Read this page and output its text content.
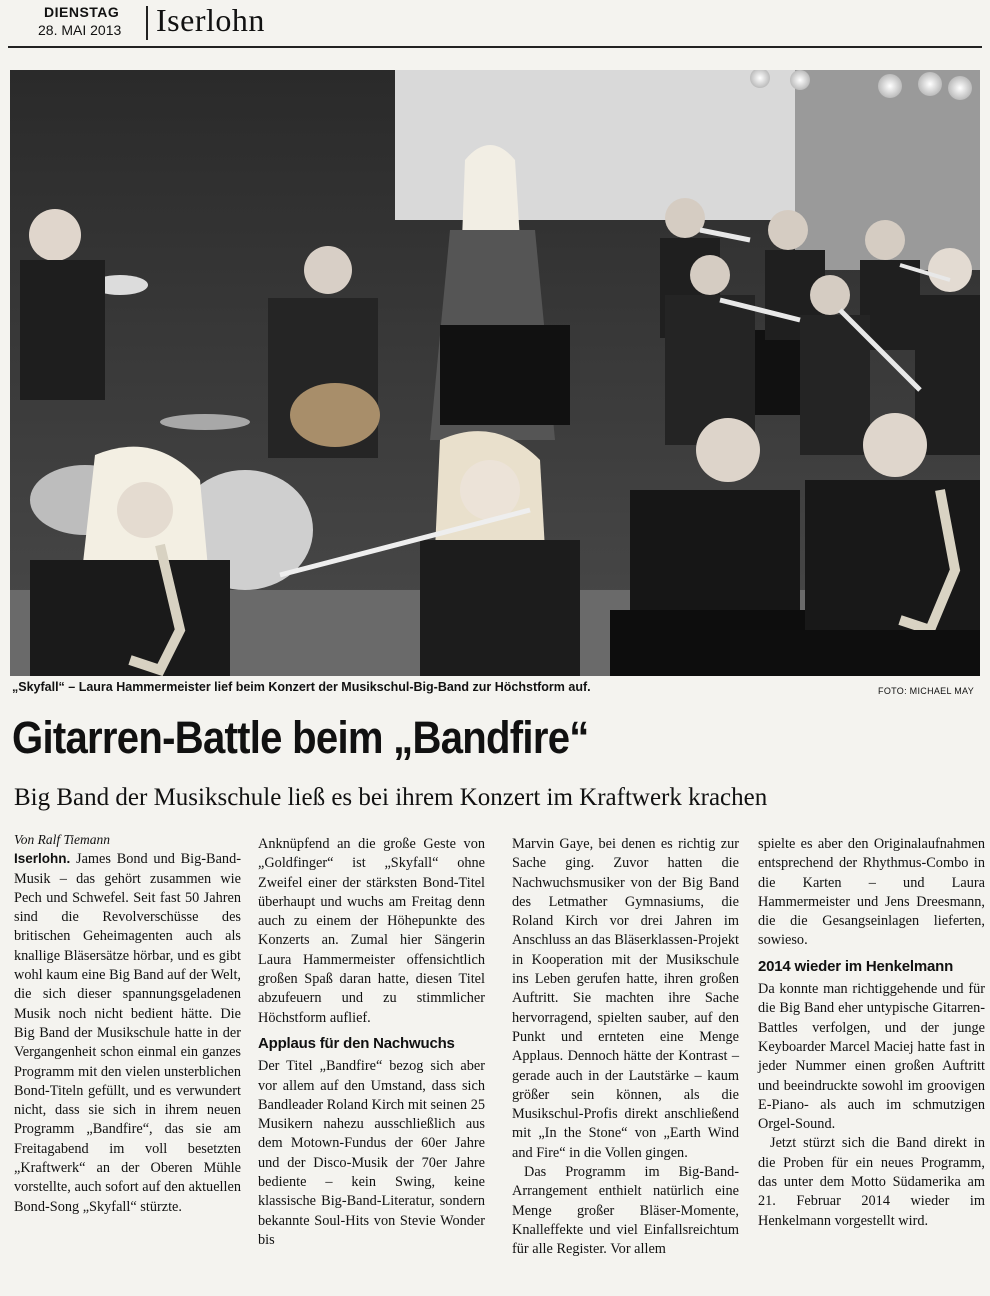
DIENSTAG
28. MAI 2013 Iserlohn
„Skyfall“ – Laura Hammermeister lief beim Konzert der Musikschul-Big-Band zur Höchstform auf.	FOTO: MICHAEL MAY
Gitarren-Battle beim „Bandfire“
Big Band der Musikschule ließ es bei ihrem Konzert im Kraftwerk krachen

Von Ralf Tiemann

Iserlohn. James Bond und Big-Band-Musik – das gehört zusammen wie Pech und Schwefel. Seit fast 50 Jahren sind die Revolverschüsse des britischen Geheimagenten auch als knallige Bläsersätze hörbar, und es gibt wohl kaum eine Big Band auf der Welt, die sich dieser spannungsgeladenen Musik noch nicht bedient hätte. Die Big Band der Musikschule hatte in der Vergangenheit schon einmal ein ganzes Programm mit den vielen unsterblichen Bond-Titeln gefüllt, und es verwundert nicht, dass sie sich in ihrem neuen Programm „Bandfire“, das sie am Freitagabend im voll besetzten „Kraftwerk“ an der Oberen Mühle vorstellte, auch sofort auf den aktuellen Bond-Song „Skyfall“ stürzte.

Anknüpfend an die große Geste von „Goldfinger“ ist „Skyfall“ ohne Zweifel einer der stärksten Bond-Titel überhaupt und wuchs am Freitag denn auch zu einem der Höhepunkte des Konzerts an. Zumal hier Sängerin Laura Hammermeister offensichtlich großen Spaß daran hatte, diesen Titel abzufeuern und zu stimmlicher Höchstform auflief.

Applaus für den Nachwuchs

Der Titel „Bandfire“ bezog sich aber vor allem auf den Umstand, dass sich Bandleader Roland Kirch mit seinen 25 Musikern nahezu ausschließlich aus dem Motown-Fundus der 60er Jahre und der Disco-Musik der 70er Jahre bediente – kein Swing, keine klassische Big-Band-Literatur, sondern bekannte Soul-Hits von Stevie Wonder bis

Marvin Gaye, bei denen es richtig zur Sache ging. Zuvor hatten die Nachwuchsmusiker von der Big Band des Letmather Gymnasiums, die Roland Kirch vor drei Jahren im Anschluss an das Bläserklassen-Projekt in Kooperation mit der Musikschule ins Leben gerufen hatte, ihren großen Auftritt. Sie machten ihre Sache hervorragend, spielten sauber, auf den Punkt und ernteten eine Menge Applaus. Dennoch hätte der Kontrast – gerade auch in der Lautstärke – kaum größer sein können, als die Musikschul-Profis direkt anschließend mit „In the Stone“ von „Earth Wind and Fire“ in die Vollen gingen.

Das Programm im Big-Band-Arrangement enthielt natürlich eine Menge großer Bläser-Momente, Knalleffekte und viel Einfallsreichtum für alle Register. Vor allem

spielte es aber den Originalaufnahmen entsprechend der Rhythmus-Combo in die Karten – und Laura Hammermeister und Jens Dreesmann, die die Gesangseinlagen lieferten, sowieso.

2014 wieder im Henkelmann

Da konnte man richtiggehende und für die Big Band eher untypische Gitarren-Battles verfolgen, und der junge Keyboarder Marcel Maciej hatte fast in jeder Nummer einen großen Auftritt und beeindruckte sowohl im groovigen E-Piano- als auch im schmutzigen Orgel-Sound.

Jetzt stürzt sich die Band direkt in die Proben für ein neues Programm, das unter dem Motto Südamerika am 21. Februar 2014 wieder im Henkelmann vorgestellt wird.
